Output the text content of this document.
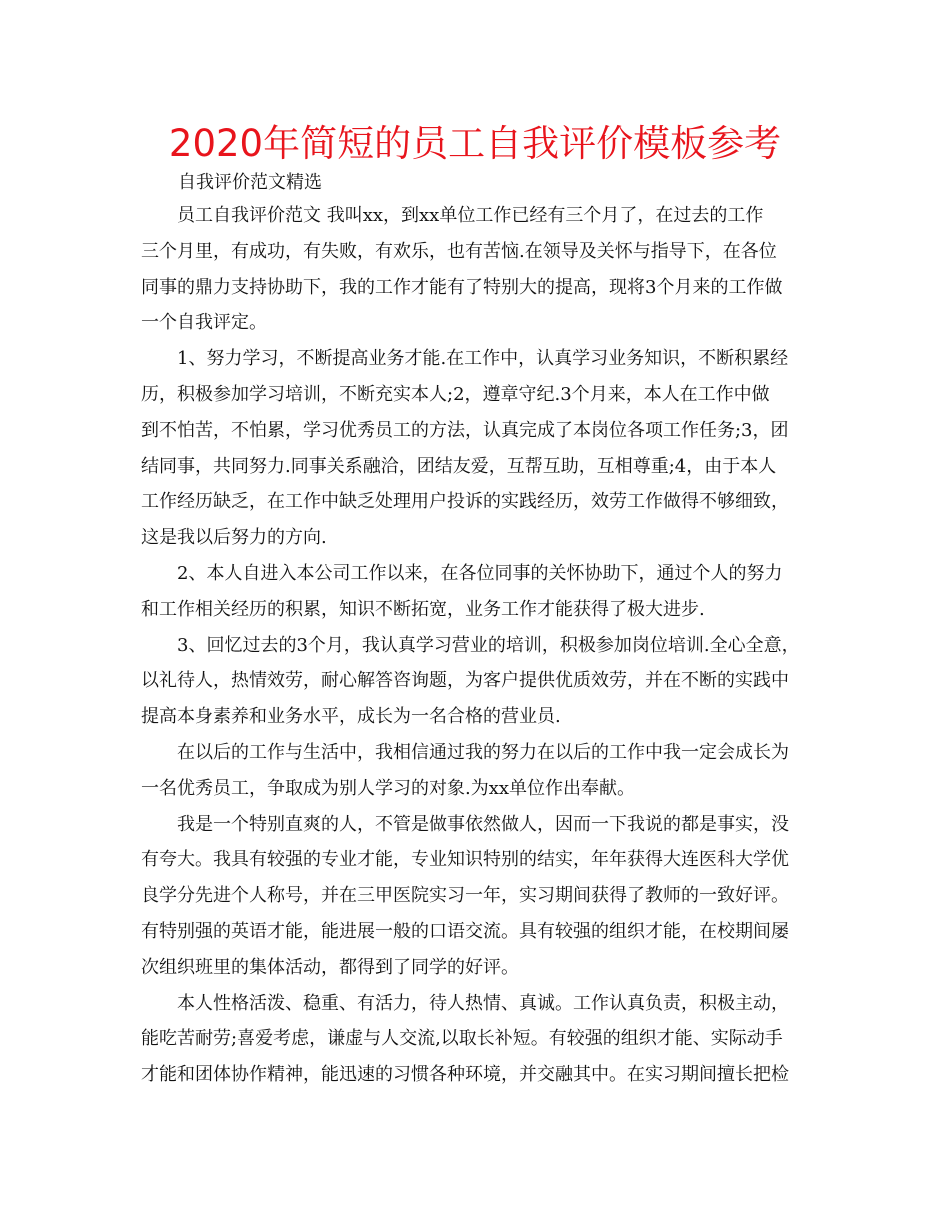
2020年简短的员工自我评价模板参考
自我评价范文精选
　　员工自我评价范文 我叫xx，到xx单位工作已经有三个月了，在过去的工作
三个月里，有成功，有失败，有欢乐，也有苦恼.在领导及关怀与指导下，在各位
同事的鼎力支持协助下，我的工作才能有了特别大的提高，现将3个月来的工作做
一个自我评定。
　　1、努力学习，不断提高业务才能.在工作中，认真学习业务知识，不断积累经
历，积极参加学习培训，不断充实本人;2，遵章守纪.3个月来，本人在工作中做
到不怕苦，不怕累，学习优秀员工的方法，认真完成了本岗位各项工作任务;3，团
结同事，共同努力.同事关系融洽，团结友爱，互帮互助，互相尊重;4，由于本人
工作经历缺乏，在工作中缺乏处理用户投诉的实践经历，效劳工作做得不够细致，
这是我以后努力的方向.
　　2、本人自进入本公司工作以来，在各位同事的关怀协助下，通过个人的努力
和工作相关经历的积累，知识不断拓宽，业务工作才能获得了极大进步.
　　3、回忆过去的3个月，我认真学习营业的培训，积极参加岗位培训.全心全意，
以礼待人，热情效劳，耐心解答咨询题，为客户提供优质效劳，并在不断的实践中
提高本身素养和业务水平，成长为一名合格的营业员.
　　在以后的工作与生活中，我相信通过我的努力在以后的工作中我一定会成长为
一名优秀员工，争取成为别人学习的对象.为xx单位作出奉献。
　　我是一个特别直爽的人，不管是做事依然做人，因而一下我说的都是事实，没
有夸大。我具有较强的专业才能，专业知识特别的结实，年年获得大连医科大学优
良学分先进个人称号，并在三甲医院实习一年，实习期间获得了教师的一致好评。
有特别强的英语才能，能进展一般的口语交流。具有较强的组织才能，在校期间屡
次组织班里的集体活动，都得到了同学的好评。
　　本人性格活泼、稳重、有活力，待人热情、真诚。工作认真负责，积极主动，
能吃苦耐劳;喜爱考虑，谦虚与人交流,以取长补短。有较强的组织才能、实际动手
才能和团体协作精神，能迅速的习惯各种环境，并交融其中。在实习期间擅长把检
